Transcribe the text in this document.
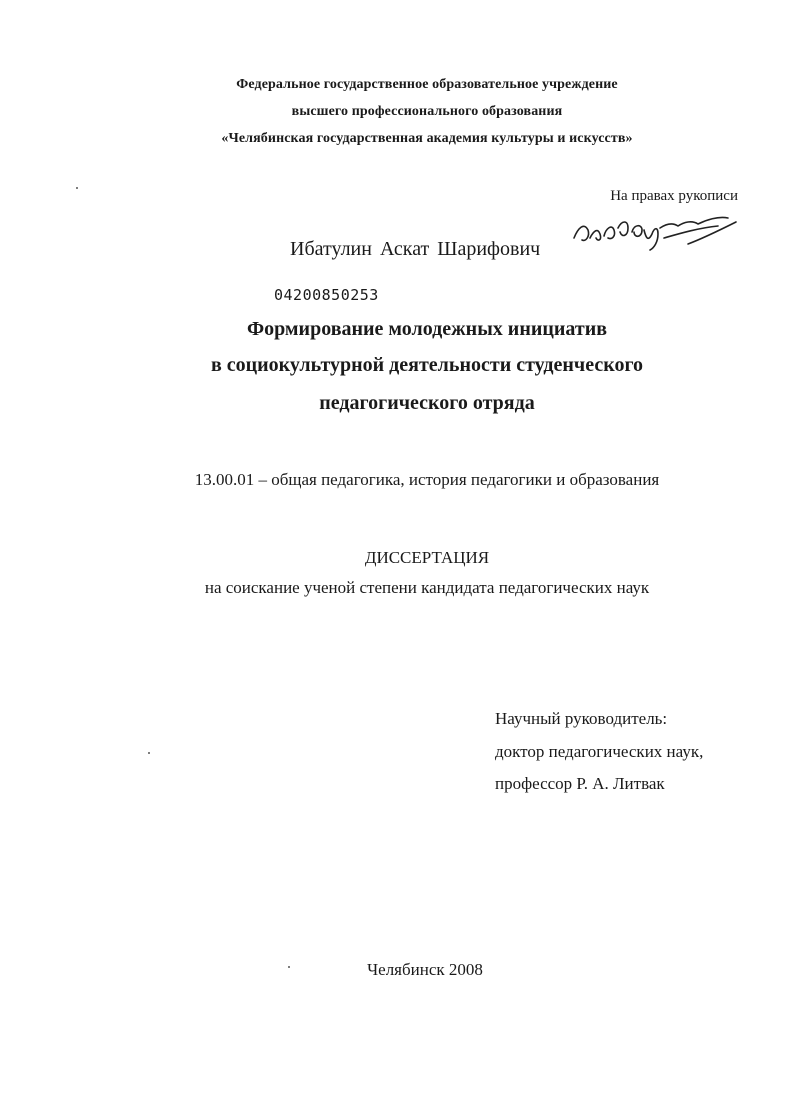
Федеральное государственное образовательное учреждение
высшего профессионального образования
«Челябинская государственная академия культуры и искусств»
На правах рукописи
Ибатулин Аскат Шарифович
04200850253
Формирование молодежных инициатив
в социокультурной деятельности студенческого
педагогического отряда
13.00.01 – общая педагогика, история педагогики и образования
ДИССЕРТАЦИЯ
на соискание ученой степени кандидата педагогических наук
Научный руководитель:
доктор педагогических наук,
профессор Р. А. Литвак
Челябинск 2008
